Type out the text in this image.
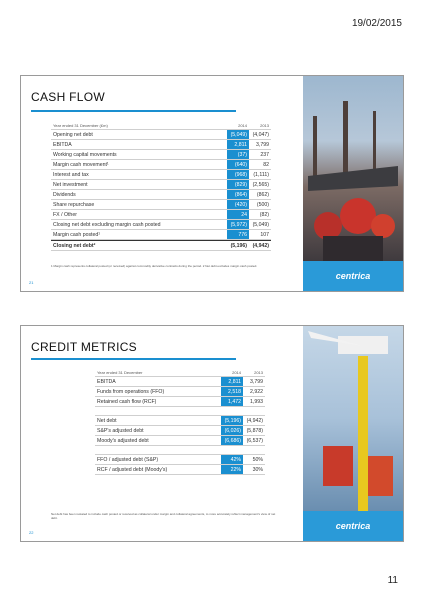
19/02/2015
CASH FLOW
Year ended 31 December (£m)	2014	2013
Opening net debt	(5,049)	(4,047)
EBITDA	2,811	3,799
Working capital movements	(37)	237
Margin cash movement¹	(640)	82
Interest and tax	(968)	(1,111)
Net investment	(829)	(2,565)
Dividends	(864)	(862)
Share repurchase	(420)	(500)
FX / Other	24	(82)
Closing net debt excluding margin cash posted	(5,972)	(5,049)
Margin cash posted¹	776	107
Closing net debt²	(5,196)	(4,942)
1 Margin cash represents collateral posted (or received) against commodity derivative contracts during the period. 2 Net debt excludes margin cash posted.
21
centrica
CREDIT METRICS
Year ended 31 December	2014	2013
EBITDA	2,811	3,799
Funds from operations (FFO)	2,518	2,922
Retained cash flow (RCF)	1,472	1,993
Net debt	(5,196)	(4,942)
S&P's adjusted debt	(6,026)	(5,878)
Moody's adjusted debt	(6,686)	(6,537)
FFO / adjusted debt (S&P)	42%	50%
RCF / adjusted debt (Moody's)	22%	30%
Net debt has been restated to include cash posted or received as collateral under margin and collateral agreements, to more accurately reflect management's view of net debt.
22
centrica
11
